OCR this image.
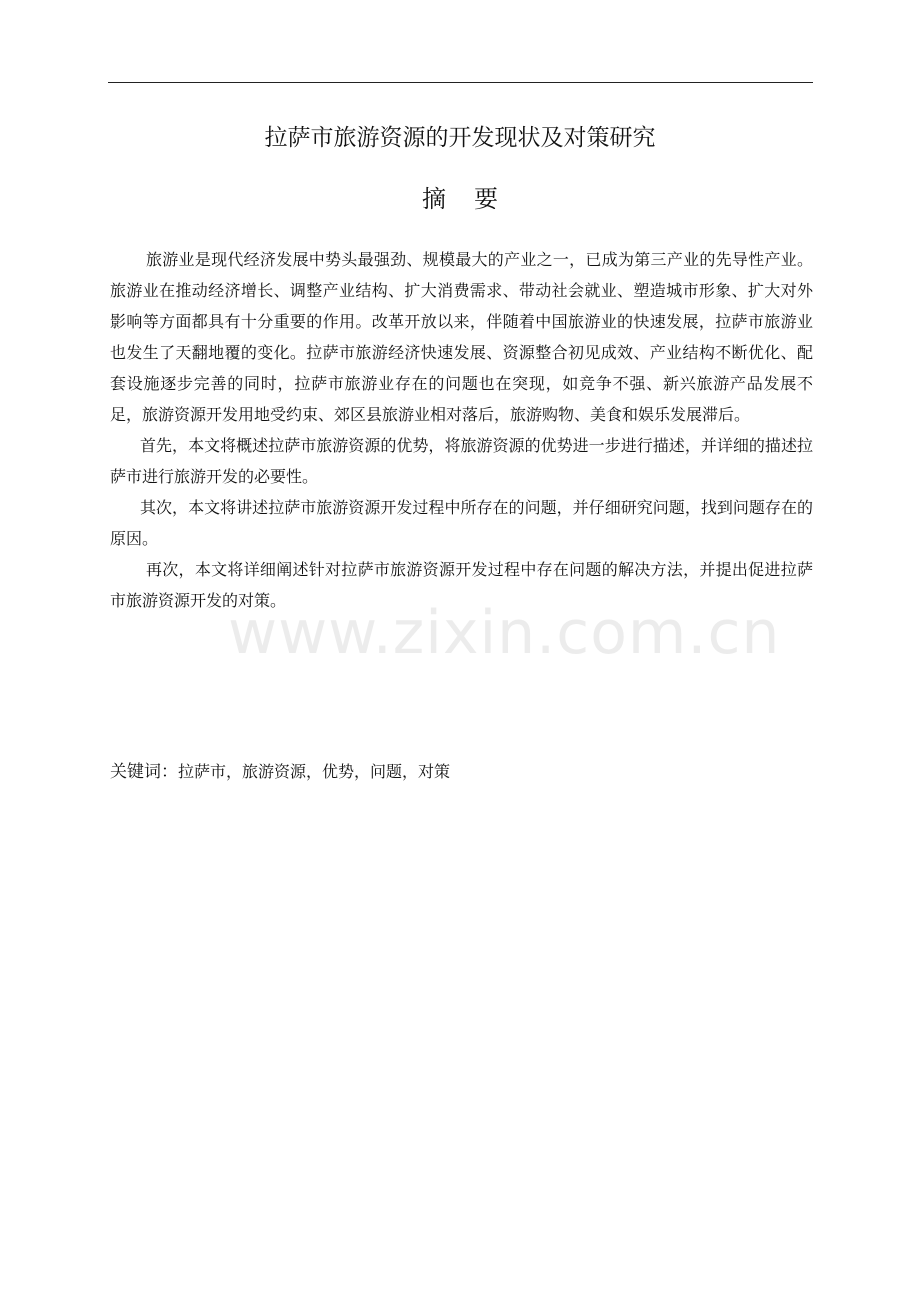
拉萨市旅游资源的开发现状及对策研究
摘要

旅游业是现代经济发展中势头最强劲、规模最大的产业之一，已成为第三产业的先导性产业。旅游业在推动经济增长、调整产业结构、扩大消费需求、带动社会就业、塑造城市形象、扩大对外影响等方面都具有十分重要的作用。改革开放以来，伴随着中国旅游业的快速发展，拉萨市旅游业也发生了天翻地覆的变化。拉萨市旅游经济快速发展、资源整合初见成效、产业结构不断优化、配套设施逐步完善的同时，拉萨市旅游业存在的问题也在突现，如竞争不强、新兴旅游产品发展不足，旅游资源开发用地受约束、郊区县旅游业相对落后，旅游购物、美食和娱乐发展滞后。

首先，本文将概述拉萨市旅游资源的优势，将旅游资源的优势进一步进行描述，并详细的描述拉萨市进行旅游开发的必要性。

其次，本文将讲述拉萨市旅游资源开发过程中所存在的问题，并仔细研究问题，找到问题存在的原因。

再次，本文将详细阐述针对拉萨市旅游资源开发过程中存在问题的解决方法，并提出促进拉萨市旅游资源开发的对策。

关键词：拉萨市，旅游资源，优势，问题，对策
www.zixin.com.cn
